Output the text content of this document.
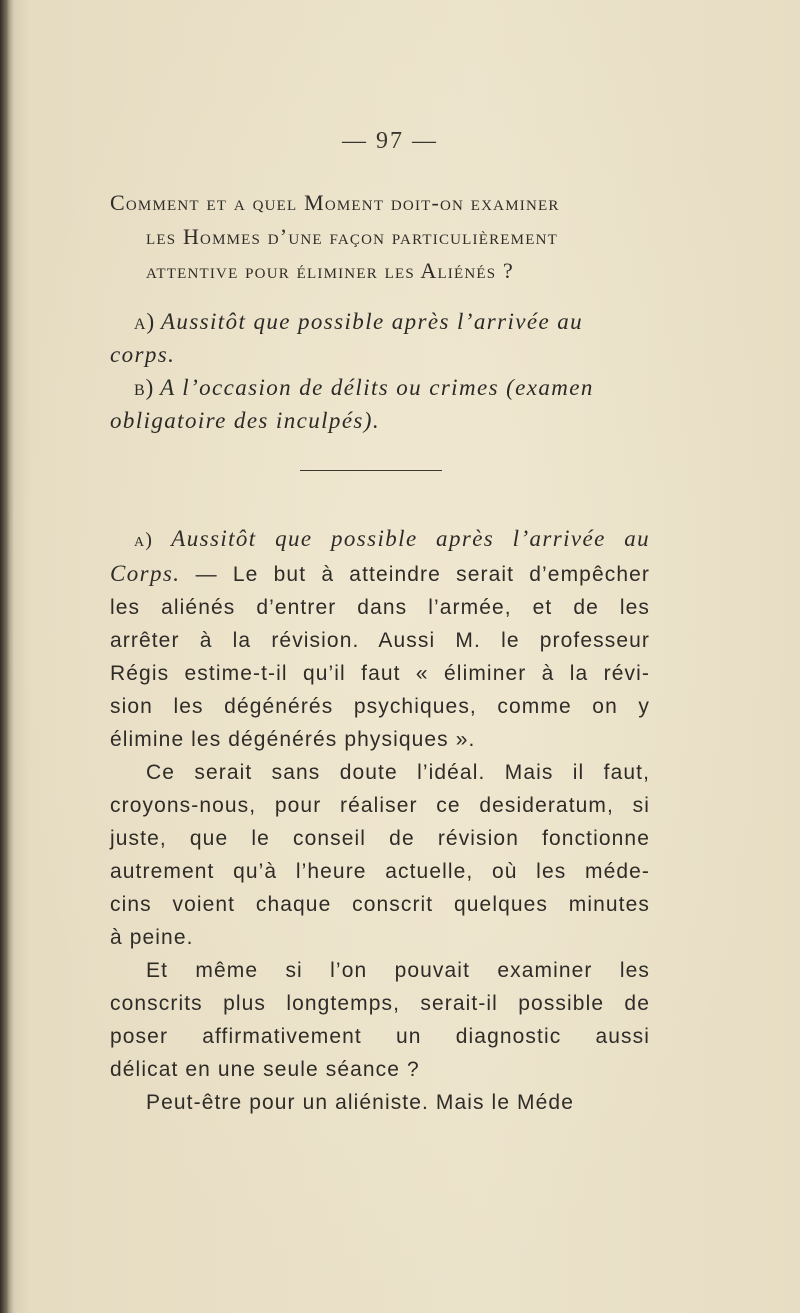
— 97 —
Comment et a quel Moment doit-on examiner
les Hommes d’une façon particulièrement
attentive pour éliminer les Aliénés ?

a) Aussitôt que possible après l’arrivée au
corps.

b) A l’occasion de délits ou crimes (examen
obligatoire des inculpés).

a) Aussitôt que possible après l’arrivée au
Corps. — Le but à atteindre serait d’empêcher
les aliénés d’entrer dans l’armée, et de les
arrêter à la révision. Aussi M. le professeur
Régis estime-t-il qu’il faut « éliminer à la révi-
sion les dégénérés psychiques, comme on y
élimine les dégénérés physiques ».
Ce serait sans doute l’idéal. Mais il faut,
croyons-nous, pour réaliser ce desideratum, si
juste, que le conseil de révision fonctionne
autrement qu’à l’heure actuelle, où les méde-
cins voient chaque conscrit quelques minutes
à peine.
Et même si l’on pouvait examiner les
conscrits plus longtemps, serait-il possible de
poser affirmativement un diagnostic aussi
délicat en une seule séance ?
Peut-être pour un aliéniste. Mais le Méde
